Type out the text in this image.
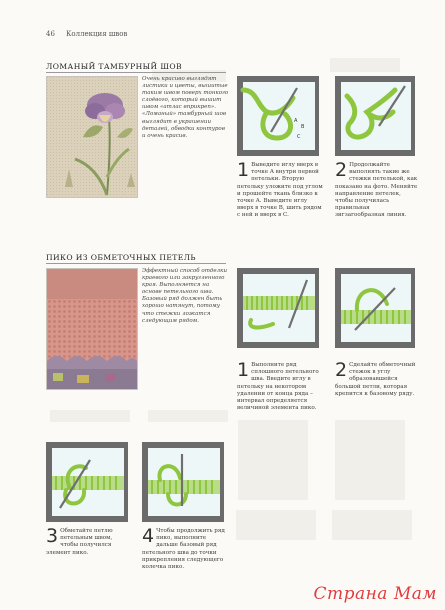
46 Коллекция швов
ЛОМАНЫЙ ТАМБУРНЫЙ ШОВ
Очень красиво выглядят листики и цветы, вышитые таким швом поверх тонкого слоёвого, который вышит швом «атлас вприкреп». «Ломаный» тамбурный шов выглядит в украшении деталей, обводки контуров и очень красив.
A
B
C
1 Выведите иглу вверх в точке A внутри первой петельки. Вторую петельку уложите под углом и прошейте ткань близко к точке A. Выведите иглу вверх в точке B, шить рядом с ней и вверх в C.
2 Продолжайте выполнять такие же стежки петелькой, как показано на фото. Меняйте направление петелек, чтобы получилась правильная зигзагообразная линия.
ПИКО ИЗ ОБМЕТОЧНЫХ ПЕТЕЛЬ
Эффектный способ отделки краевого или закругленного края. Выполняется на основе петельного шва. Базовый ряд должен быть хорошо натянут, потому что стежки ложатся следующим рядом.
1 Выполните ряд сплошного петельного шва. Введите иглу в петельку на некотором удалении от конца ряда – интервал определяется величиной элемента пико.
2 Сделайте обметочный стежок в углу образовавшейся большой петли, которая крепится к базовому ряду.
3 Обметайте петлю петельным швом, чтобы получился элемент пико.
4 Чтобы продолжить ряд пико, выполните дальше базовый ряд петельного шва до точки прикрепления следующего колечка пико.
Страна Мам
